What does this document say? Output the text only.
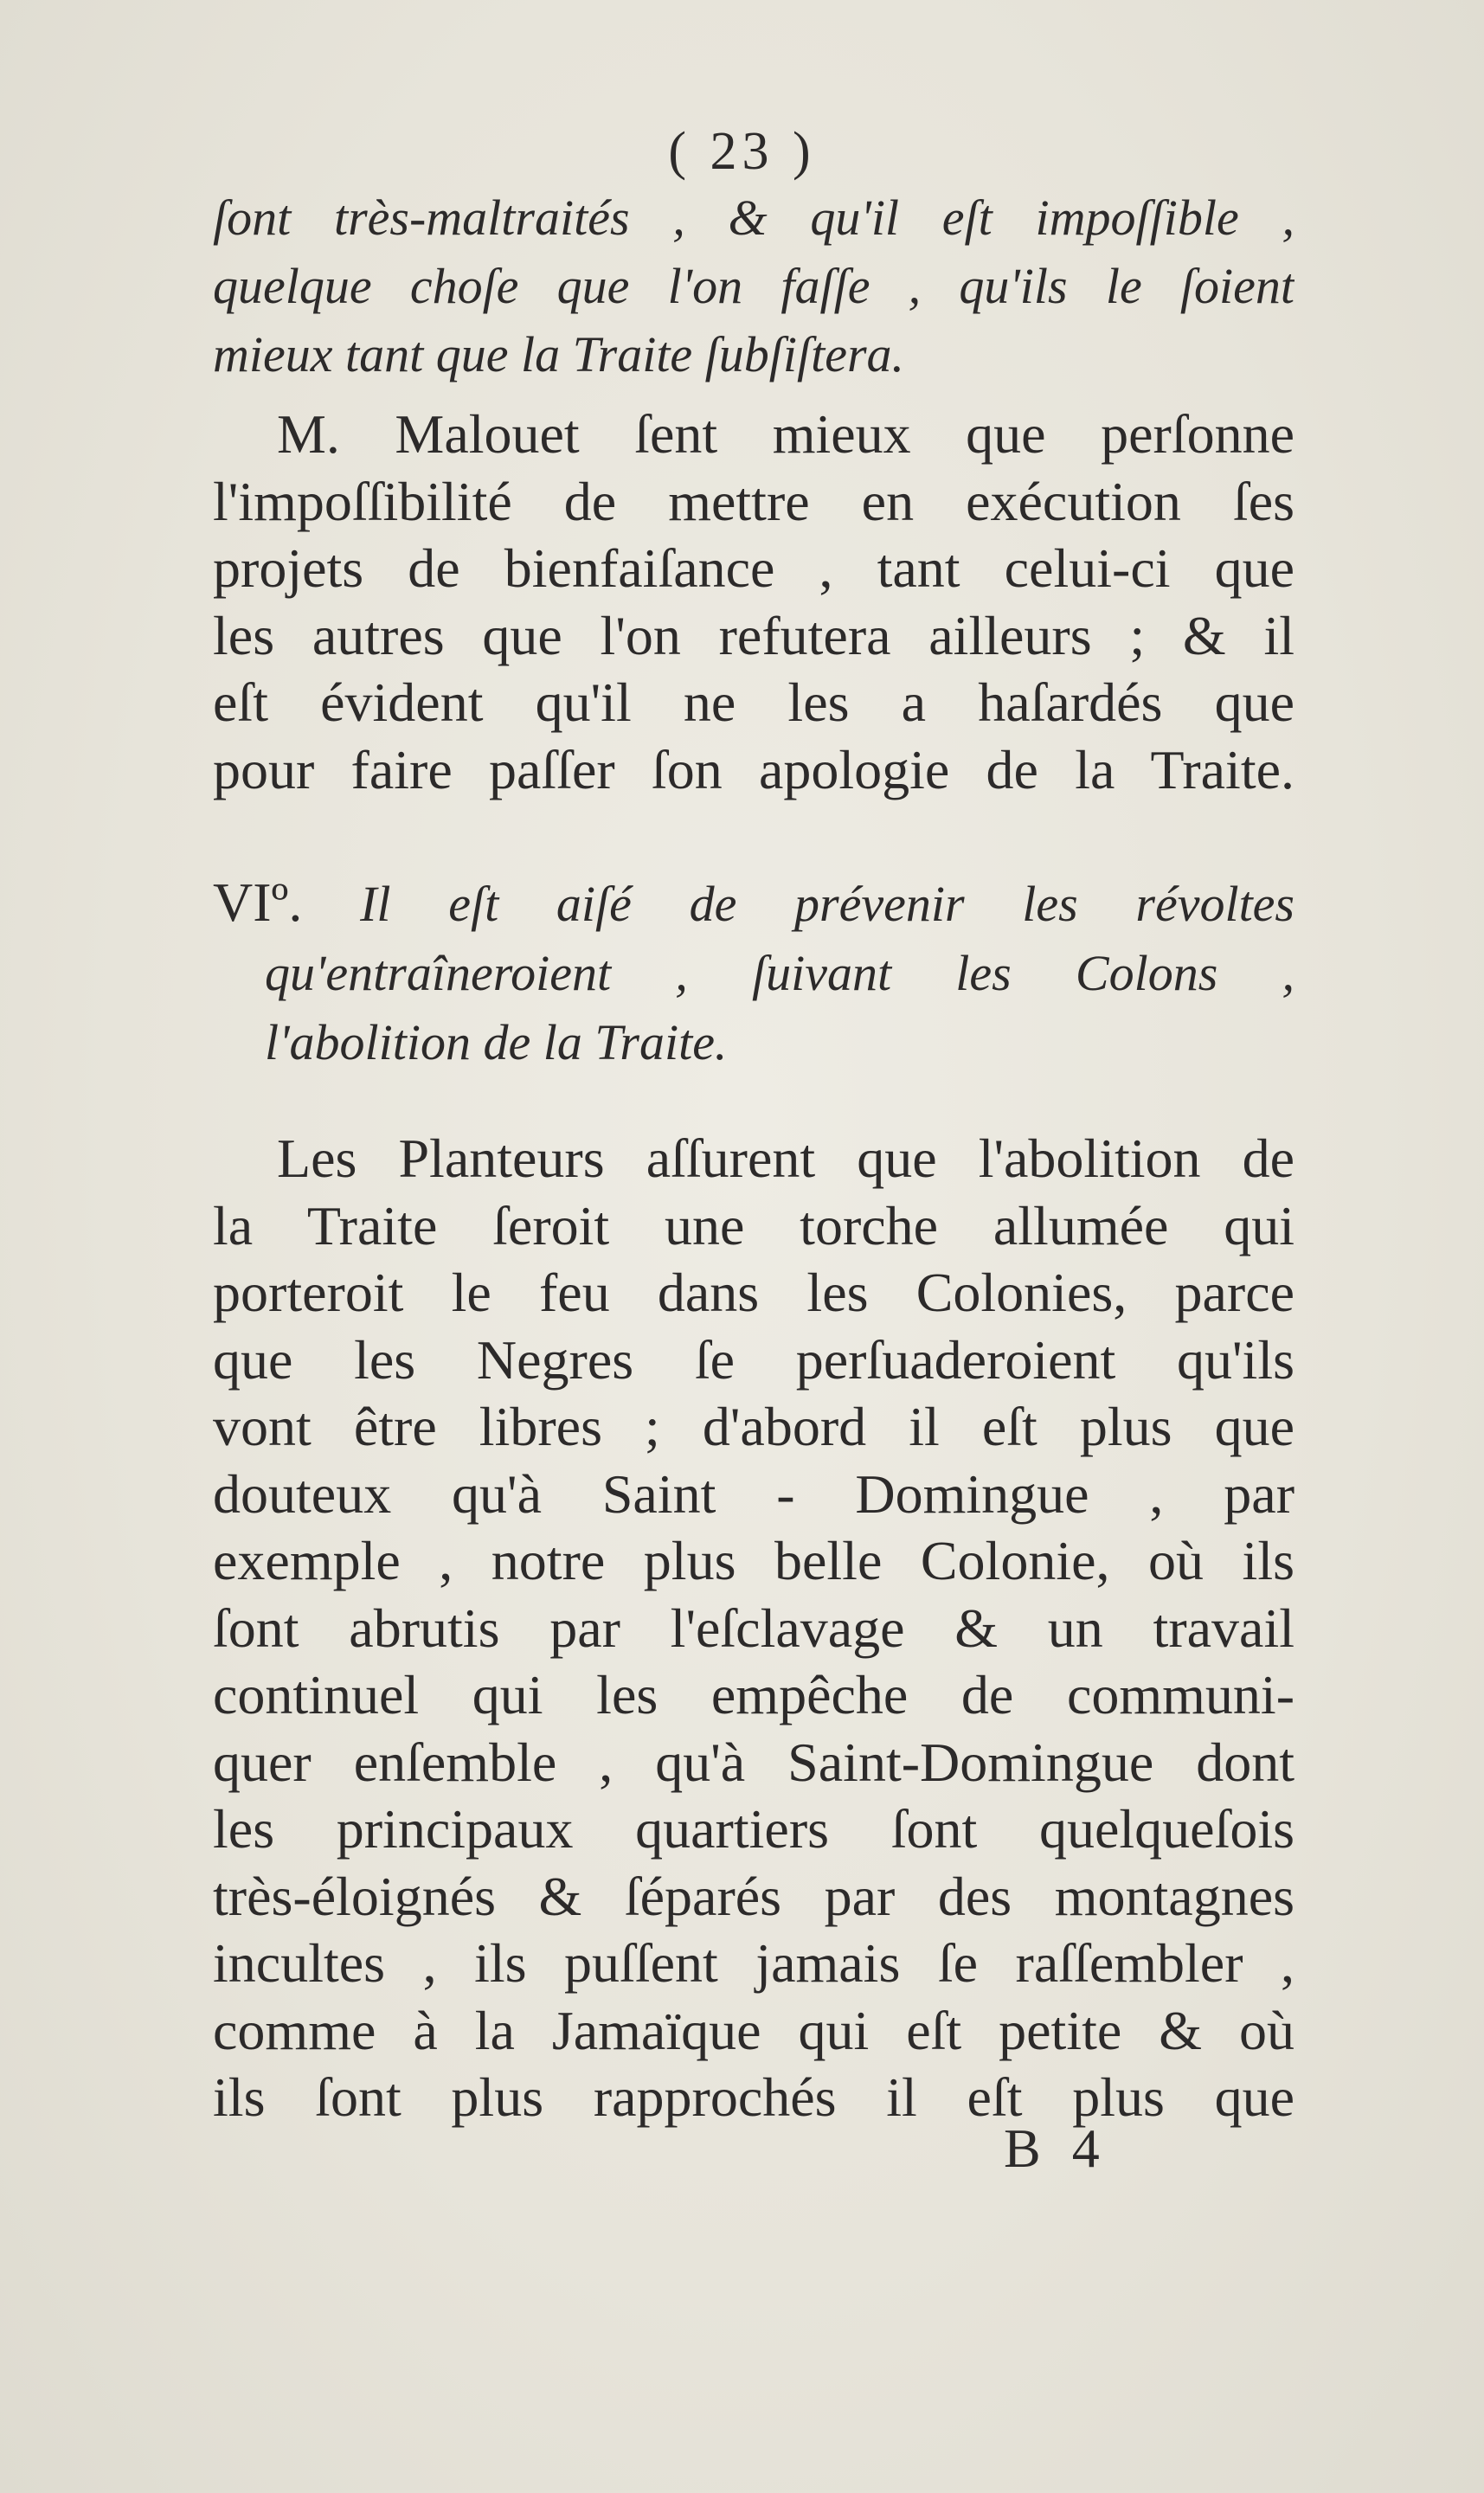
( 23 )
ſont très-maltraités , & qu'il eſt impoſſible ,
quelque choſe que l'on faſſe , qu'ils le ſoient
mieux tant que la Traite ſubſiſtera.
M. Malouet ſent mieux que perſonne
l'impoſſibilité de mettre en exécution ſes
projets de bienfaiſance , tant celui-ci que
les autres que l'on refutera ailleurs ; & il
eſt évident qu'il ne les a haſardés que
pour faire paſſer ſon apologie de la Traite.
VIº. Il eſt aiſé de prévenir les révoltes
qu'entraîneroient , ſuivant les Colons ,
l'abolition de la Traite.
Les Planteurs aſſurent que l'abolition de
la Traite ſeroit une torche allumée qui
porteroit le feu dans les Colonies, parce
que les Negres ſe perſuaderoient qu'ils
vont être libres ; d'abord il eſt plus que
douteux qu'à Saint - Domingue , par
exemple , notre plus belle Colonie, où ils
ſont abrutis par l'eſclavage & un travail
continuel qui les empêche de communi-
quer enſemble , qu'à Saint-Domingue dont
les principaux quartiers ſont quelqueſois
très-éloignés & ſéparés par des montagnes
incultes , ils puſſent jamais ſe raſſembler ,
comme à la Jamaïque qui eſt petite & où
ils ſont plus rapprochés il eſt plus que
B 4
